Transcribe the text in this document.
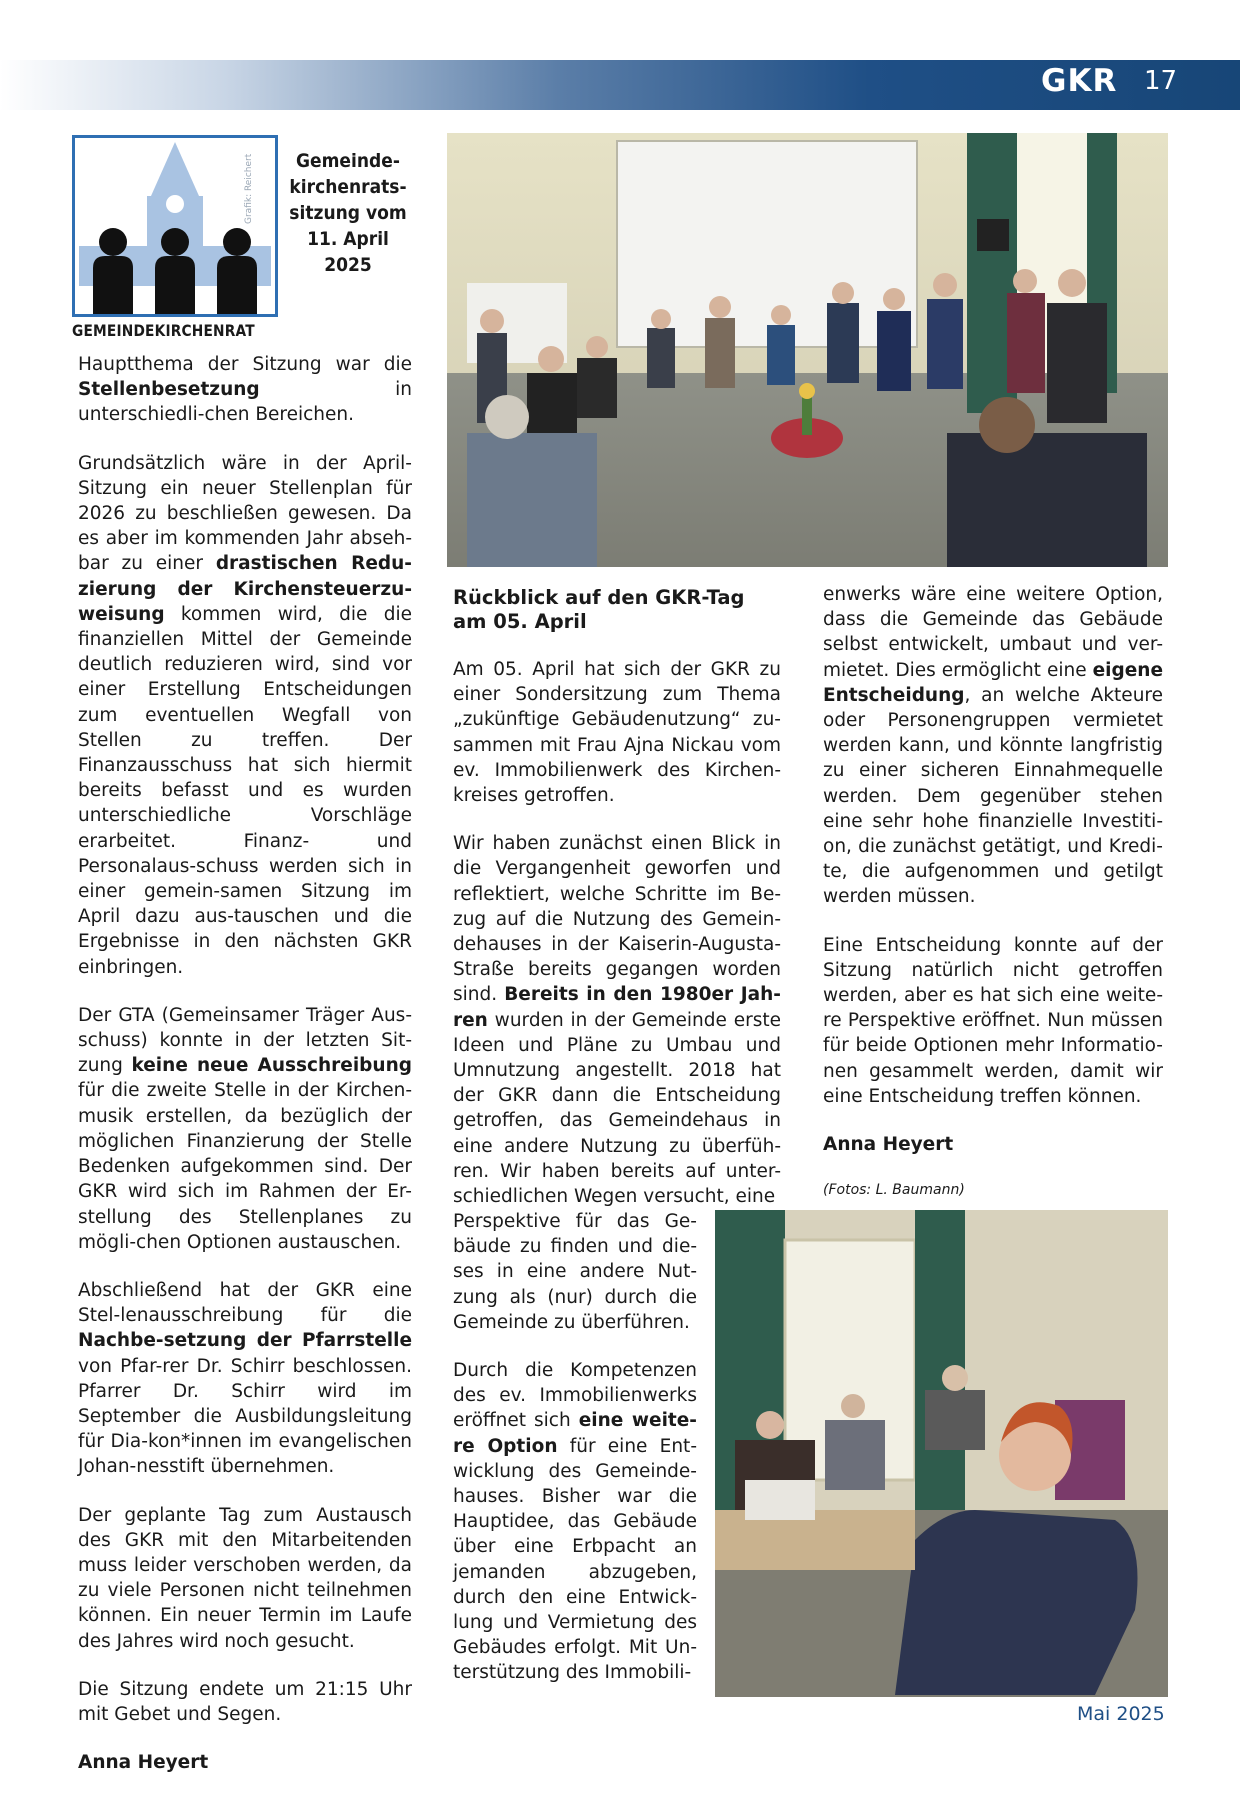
GKR 17
GEMEINDEKIRCHENRAT
Grafik: Reichert	Gemeinde-
kirchenrats-
sitzung vom
11. April
2025

Hauptthema der Sitzung war die Stellenbesetzung in unterschiedli-chen Bereichen.

Grundsätzlich wäre in der April-Sitzung ein neuer Stellenplan für 2026 zu beschließen gewesen. Da es aber im kommenden Jahr abseh-bar zu einer drastischen Redu-zierung der Kirchensteuerzu-weisung kommen wird, die die finanziellen Mittel der Gemeinde deutlich reduzieren wird, sind vor einer Erstellung Entscheidungen zum eventuellen Wegfall von Stellen zu treffen. Der Finanzausschuss hat sich hiermit bereits befasst und es wurden unterschiedliche Vorschläge erarbeitet. Finanz- und Personalaus-schuss werden sich in einer gemein-samen Sitzung im April dazu aus-tauschen und die Ergebnisse in den nächsten GKR einbringen.

Der GTA (Gemeinsamer Träger Aus-schuss) konnte in der letzten Sit-zung keine neue Ausschreibung für die zweite Stelle in der Kirchen-musik erstellen, da bezüglich der möglichen Finanzierung der Stelle Bedenken aufgekommen sind. Der GKR wird sich im Rahmen der Er-stellung des Stellenplanes zu mögli-chen Optionen austauschen.

Abschließend hat der GKR eine Stel-lenausschreibung für die Nachbe-setzung der Pfarrstelle von Pfar-rer Dr. Schirr beschlossen. Pfarrer Dr. Schirr wird im September die Ausbildungsleitung für Dia-kon*innen im evangelischen Johan-nesstift übernehmen.

Der geplante Tag zum Austausch des GKR mit den Mitarbeitenden muss leider verschoben werden, da zu viele Personen nicht teilnehmen können. Ein neuer Termin im Laufe des Jahres wird noch gesucht.

Die Sitzung endete um 21:15 Uhr mit Gebet und Segen.

Anna Heyert

Rückblick auf den GKR-Tag am 05. April

Am 05. April hat sich der GKR zu einer Sondersitzung zum Thema „zukünftige Gebäudenutzung“ zu-sammen mit Frau Ajna Nickau vom ev. Immobilienwerk des Kirchen-kreises getroffen.

Wir haben zunächst einen Blick in die Vergangenheit geworfen und reflektiert, welche Schritte im Be-zug auf die Nutzung des Gemein-dehauses in der Kaiserin-Augusta-Straße bereits gegangen worden sind. Bereits in den 1980er Jah-ren wurden in der Gemeinde erste Ideen und Pläne zu Umbau und Umnutzung angestellt. 2018 hat der GKR dann die Entscheidung getroffen, das Gemeindehaus in eine andere Nutzung zu überfüh-ren. Wir haben bereits auf unter-schiedlichen Wegen versucht, eine

Perspektive für das Ge-bäude zu finden und die-ses in eine andere Nut-zung als (nur) durch die Gemeinde zu überführen.

Durch die Kompetenzen des ev. Immobilienwerks eröffnet sich eine weite-re Option für eine Ent-wicklung des Gemeinde-hauses. Bisher war die Hauptidee, das Gebäude über eine Erbpacht an jemanden abzugeben, durch den eine Entwick-lung und Vermietung des Gebäudes erfolgt. Mit Un-terstützung des Immobili-

enwerks wäre eine weitere Option, dass die Gemeinde das Gebäude selbst entwickelt, umbaut und ver-mietet. Dies ermöglicht eine eigene Entscheidung, an welche Akteure oder Personengruppen vermietet werden kann, und könnte langfristig zu einer sicheren Einnahmequelle werden. Dem gegenüber stehen eine sehr hohe finanzielle Investiti-on, die zunächst getätigt, und Kredi-te, die aufgenommen und getilgt werden müssen.

Eine Entscheidung konnte auf der Sitzung natürlich nicht getroffen werden, aber es hat sich eine weite-re Perspektive eröffnet. Nun müssen für beide Optionen mehr Informatio-nen gesammelt werden, damit wir eine Entscheidung treffen können.

Anna Heyert

(Fotos: L. Baumann)
Mai 2025
